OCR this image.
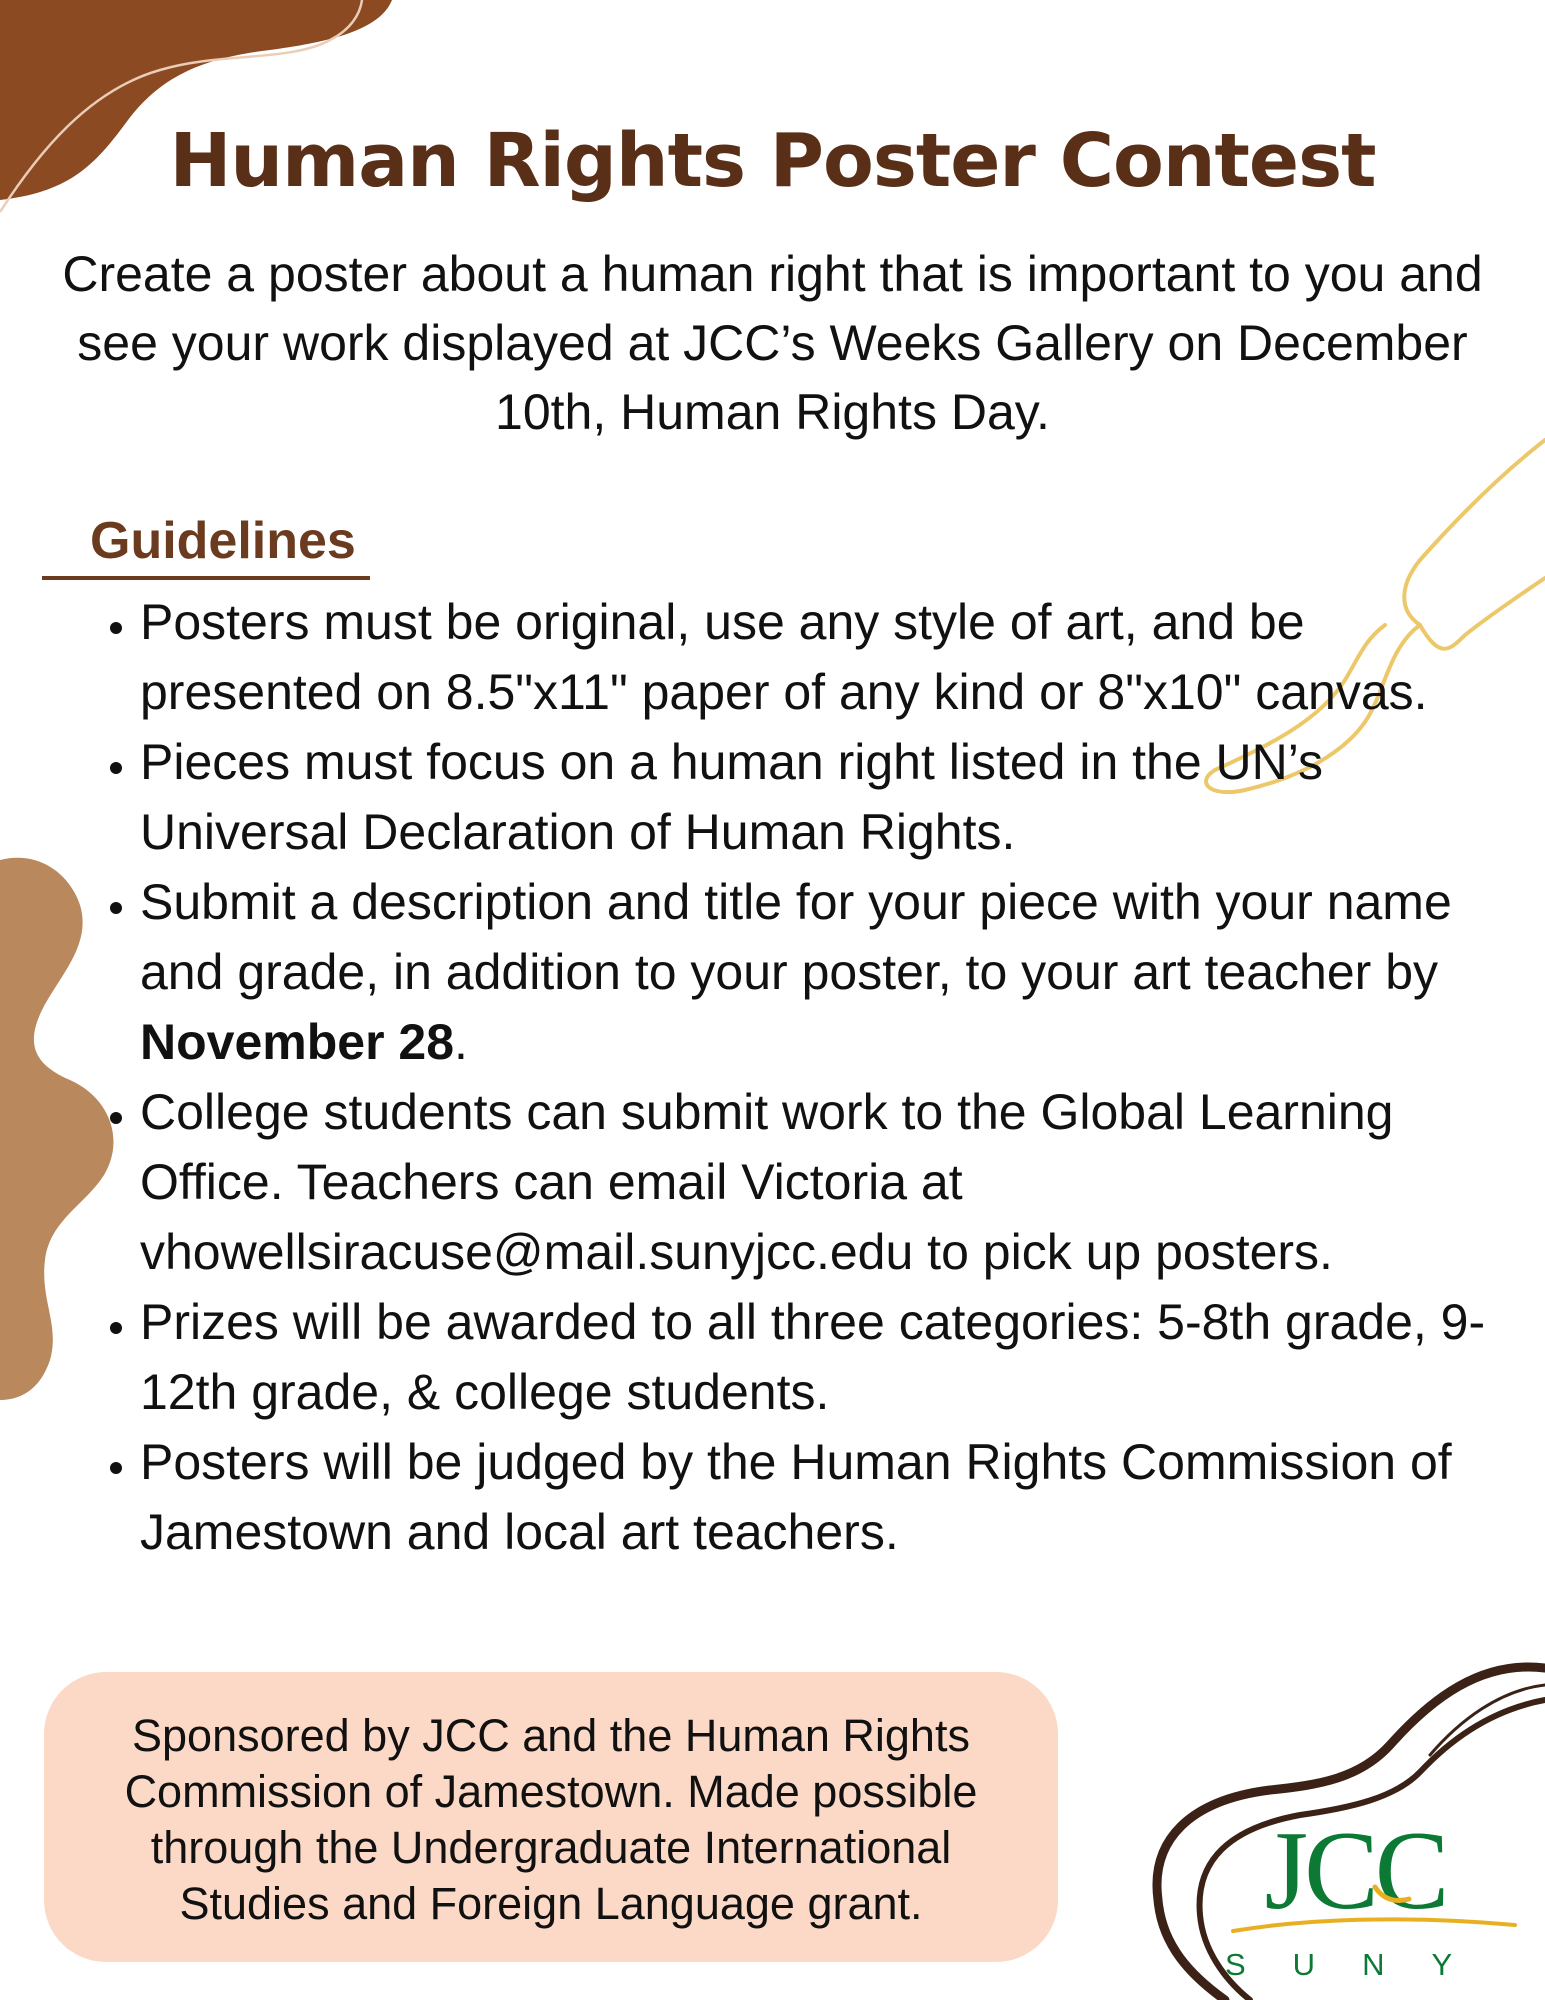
Human Rights Poster Contest

Create a poster about a human right that is important to you and see your work displayed at JCC’s Weeks Gallery on December 10th, Human Rights Day.

Guidelines
• Posters must be original, use any style of art, and be presented on 8.5"x11" paper of any kind or 8"x10" canvas.
• Pieces must focus on a human right listed in the UN’s Universal Declaration of Human Rights.
• Submit a description and title for your piece with your name and grade, in addition to your poster, to your art teacher by November 28.
• College students can submit work to the Global Learning Office. Teachers can email Victoria at vhowellsiracuse@mail.sunyjcc.edu to pick up posters.
• Prizes will be awarded to all three categories: 5-8th grade, 9-12th grade, & college students.
• Posters will be judged by the Human Rights Commission of Jamestown and local art teachers.
Sponsored by JCC and the Human Rights Commission of Jamestown. Made possible through the Undergraduate International Studies and Foreign Language grant.	JCC
SUNY
